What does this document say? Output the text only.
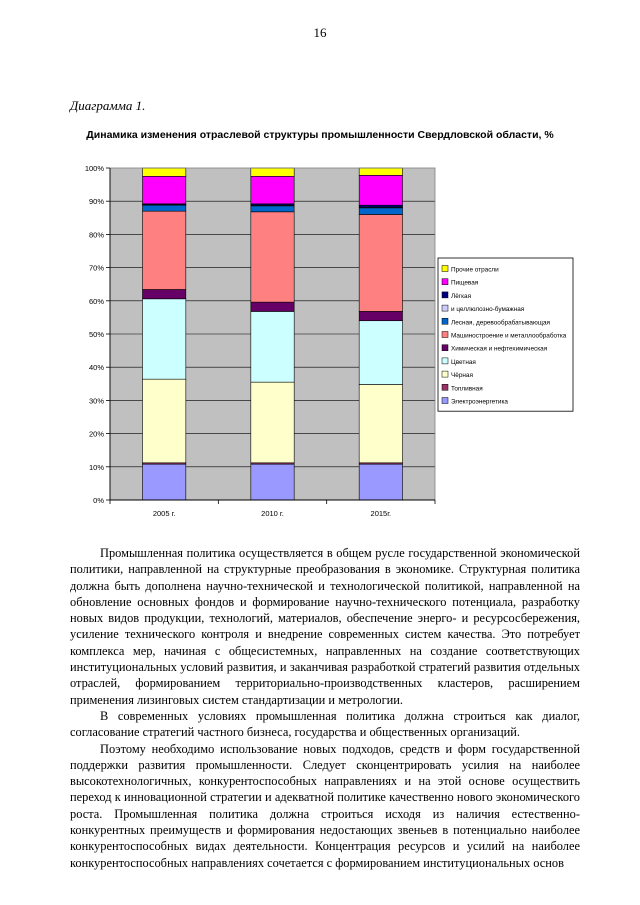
16
Диаграмма 1.
Динамика изменения отраслевой структуры промышленности Свердловской области, %
0%
10%
20%
30%
40%
50%
60%
70%
80%
90%
100%
2005 г.	2010 г.	2015г.
Прочие отрасли
Пищевая
Лёгкая
и целлюлозно-бумажная
Лесная, деревообрабатывающая
Машиностроение и металлообработка
Химическая и нефтехимическая
Цветная
Чёрная
Топливная
Электроэнергетика

Промышленная политика осуществляется в общем русле государственной экономической политики, направленной на структурные преобразования в экономике. Структурная политика должна быть дополнена научно-технической и технологической политикой, направленной на обновление основных фондов и формирование научно-технического потенциала, разработку новых видов продукции, технологий, материалов, обеспечение энерго- и ресурсосбережения, усиление технического контроля и внедрение современных систем качества. Это потребует комплекса мер, начиная с общесистемных, направленных на создание соответствующих институциональных условий развития, и заканчивая разработкой стратегий развития отдельных отраслей, формированием территориально-производственных кластеров, расширением применения лизинговых систем стандартизации и метрологии.

В современных условиях промышленная политика должна строиться как диалог, согласование стратегий частного бизнеса, государства и общественных организаций.

Поэтому необходимо использование новых подходов, средств и форм государственной поддержки развития промышленности. Следует сконцентрировать усилия на наиболее высокотехнологичных, конкурентоспособных направлениях и на этой основе осуществить переход к инновационной стратегии и адекватной политике качественно нового экономического роста. Промышленная политика должна строиться исходя из наличия естественно-конкурентных преимуществ и формирования недостающих звеньев в потенциально наиболее конкурентоспособных видах деятельности. Концентрация ресурсов и усилий на наиболее конкурентоспособных направлениях сочетается с формированием институциональных основ
